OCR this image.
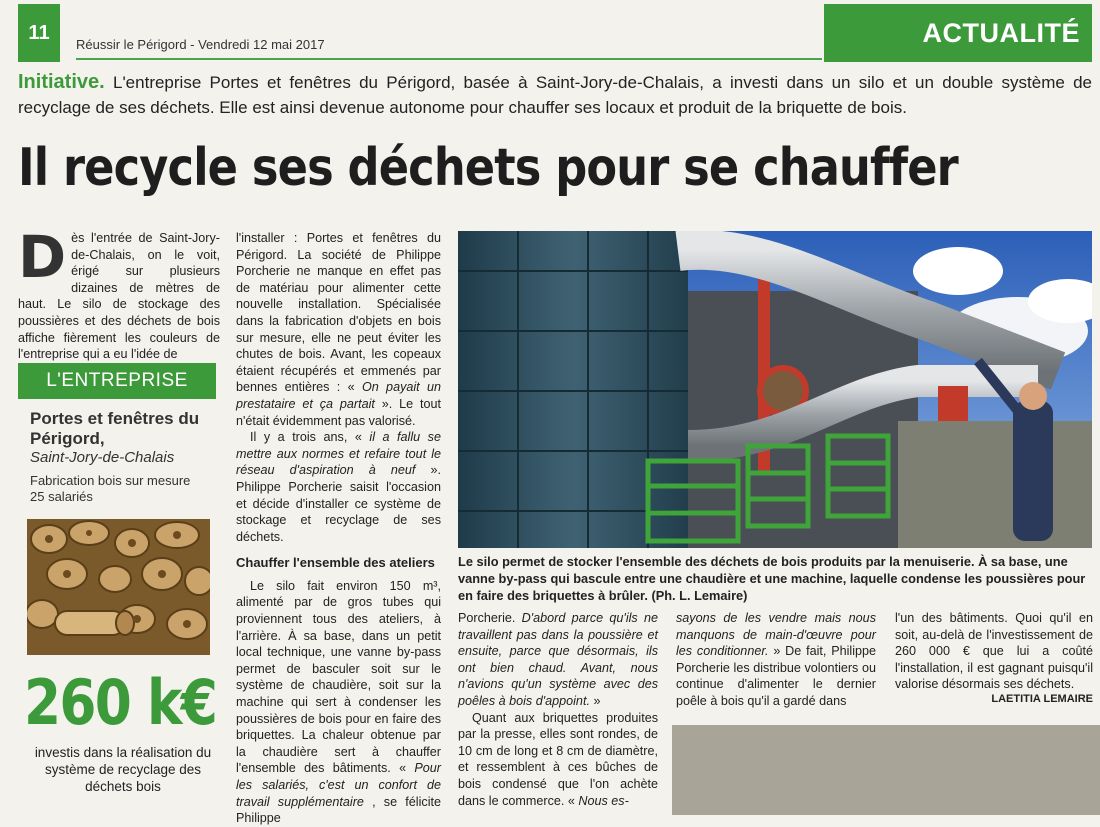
11
Réussir le Périgord - Vendredi 12 mai 2017	ACTUALITÉ
Initiative. L'entreprise Portes et fenêtres du Périgord, basée à Saint-Jory-de-Chalais, a investi dans un silo et un double système de recyclage de ses déchets. Elle est ainsi devenue autonome pour chauffer ses locaux et produit de la briquette de bois.
Il recycle ses déchets pour se chauffer
D ès l'entrée de Saint-Jory-de-Chalais, on le voit, érigé sur plusieurs dizaines de mètres de haut. Le silo de stockage des poussières et des déchets de bois affiche fièrement les couleurs de l'entreprise qui a eu l'idée de
L'ENTREPRISE
Portes et fenêtres du Périgord,
Saint-Jory-de-Chalais
Fabrication bois sur mesure
25 salariés
260 k€
investis dans la réalisation du système de recyclage des déchets bois

l'installer : Portes et fenêtres du Périgord. La société de Philippe Porcherie ne manque en effet pas de matériau pour alimenter cette nouvelle installation. Spécialisée dans la fabrication d'objets en bois sur mesure, elle ne peut éviter les chutes de bois. Avant, les copeaux étaient récupérés et emmenés par bennes entières : « On payait un prestataire et ça partait ». Le tout n'était évidemment pas valorisé.

Il y a trois ans, « il a fallu se mettre aux normes et refaire tout le réseau d'aspiration à neuf ». Philippe Porcherie saisit l'occasion et décide d'installer ce système de stockage et recyclage de ses déchets.

Chauffer l'ensemble des ateliers

Le silo fait environ 150 m³, alimenté par de gros tubes qui proviennent tous des ateliers, à l'arrière. À sa base, dans un petit local technique, une vanne by-pass permet de basculer soit sur le système de chaudière, soit sur la machine qui sert à condenser les poussières de bois pour en faire des briquettes. La chaleur obtenue par la chaudière sert à chauffer l'ensemble des bâtiments. « Pour les salariés, c'est un confort de travail supplémentaire , se félicite Philippe

Le silo permet de stocker l'ensemble des déchets de bois produits par la menuiserie. À sa base, une vanne by-pass qui bascule entre une chaudière et une machine, laquelle condense les poussières pour en faire des briquettes à brûler. (Ph. L. Lemaire)

Porcherie. D'abord parce qu'ils ne travaillent pas dans la poussière et ensuite, parce que désormais, ils ont bien chaud. Avant, nous n'avions qu'un système avec des poêles à bois d'appoint. »

Quant aux briquettes produites par la presse, elles sont rondes, de 10 cm de long et 8 cm de diamètre, et ressemblent à ces bûches de bois condensé que l'on achète dans le commerce. « Nous es-

sayons de les vendre mais nous manquons de main-d'œuvre pour les conditionner. » De fait, Philippe Porcherie les distribue volontiers ou continue d'alimenter le dernier poêle à bois qu'il a gardé dans

l'un des bâtiments. Quoi qu'il en soit, au-delà de l'investissement de 260 000 € que lui a coûté l'installation, il est gagnant puisqu'il valorise désormais ses déchets.

LAETITIA LEMAIRE
